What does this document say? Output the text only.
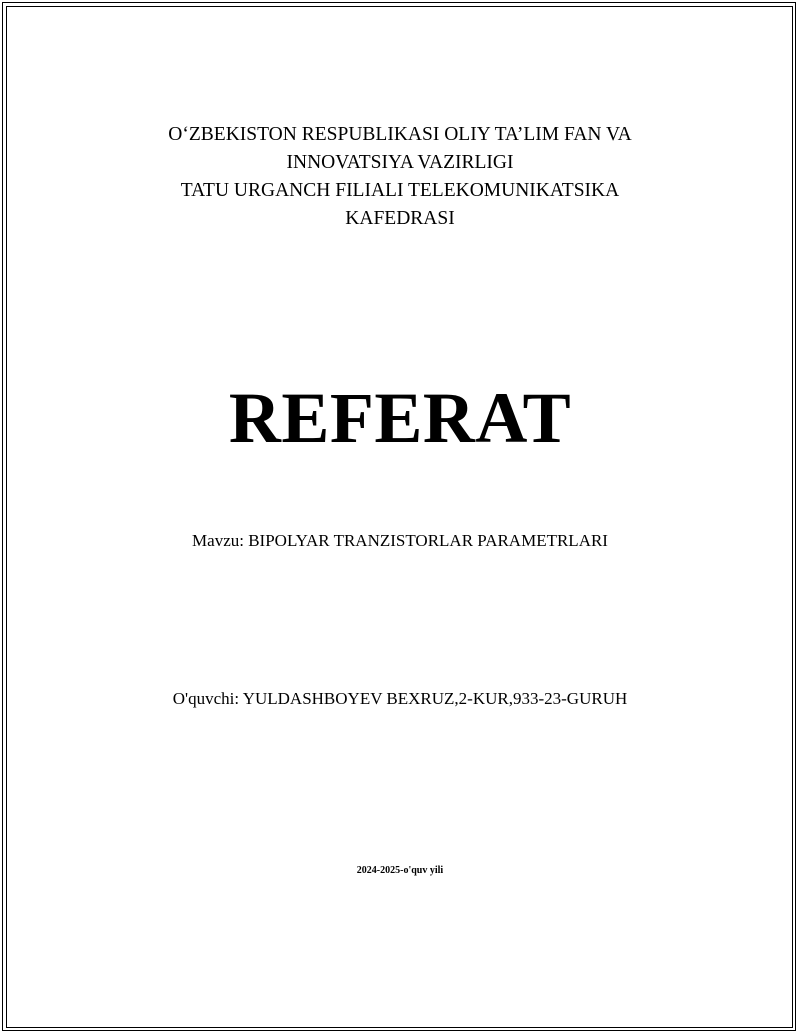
O‘ZBEKISTON RESPUBLIKASI OLIY TA’LIM FAN VA
INNOVATSIYA VAZIRLIGI
TATU URGANCH FILIALI TELEKOMUNIKATSIKA
KAFEDRASI
REFERAT
Mavzu: BIPOLYAR TRANZISTORLAR PARAMETRLARI
O'quvchi: YULDASHBOYEV BEXRUZ,2-KUR,933-23-GURUH
2024-2025-o'quv yili
